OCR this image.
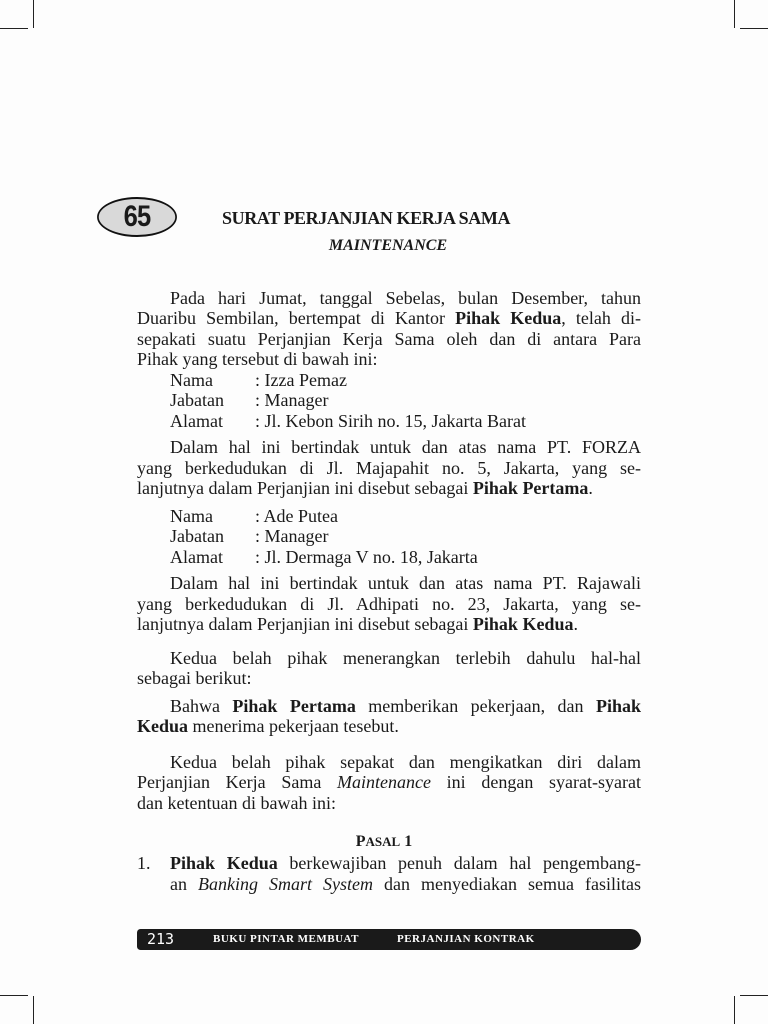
65	SURAT PERJANJIAN KERJA SAMA
MAINTENANCE
Pada hari Jumat, tanggal Sebelas, bulan Desember, tahun
Duaribu Sembilan, bertempat di Kantor Pihak Kedua, telah di-
sepakati suatu Perjanjian Kerja Sama oleh dan di antara Para
Pihak yang tersebut di bawah ini:
Nama : Izza Pemaz
Jabatan : Manager
Alamat : Jl. Kebon Sirih no. 15, Jakarta Barat
Dalam hal ini bertindak untuk dan atas nama PT. FORZA
yang berkedudukan di Jl. Majapahit no. 5, Jakarta, yang se-
lanjutnya dalam Perjanjian ini disebut sebagai Pihak Pertama.
Nama : Ade Putea
Jabatan : Manager
Alamat : Jl. Dermaga V no. 18, Jakarta
Dalam hal ini bertindak untuk dan atas nama PT. Rajawali
yang berkedudukan di Jl. Adhipati no. 23, Jakarta, yang se-
lanjutnya dalam Perjanjian ini disebut sebagai Pihak Kedua.
Kedua belah pihak menerangkan terlebih dahulu hal-hal
sebagai berikut:
Bahwa Pihak Pertama memberikan pekerjaan, dan Pihak
Kedua menerima pekerjaan tesebut.
Kedua belah pihak sepakat dan mengikatkan diri dalam
Perjanjian Kerja Sama Maintenance ini dengan syarat-syarat
dan ketentuan di bawah ini:
PASAL 1
1. Pihak Kedua berkewajiban penuh dalam hal pengembang-
an Banking Smart System dan menyediakan semua fasilitas
213	BUKU PINTAR MEMBUAT	PERJANJIAN KONTRAK
